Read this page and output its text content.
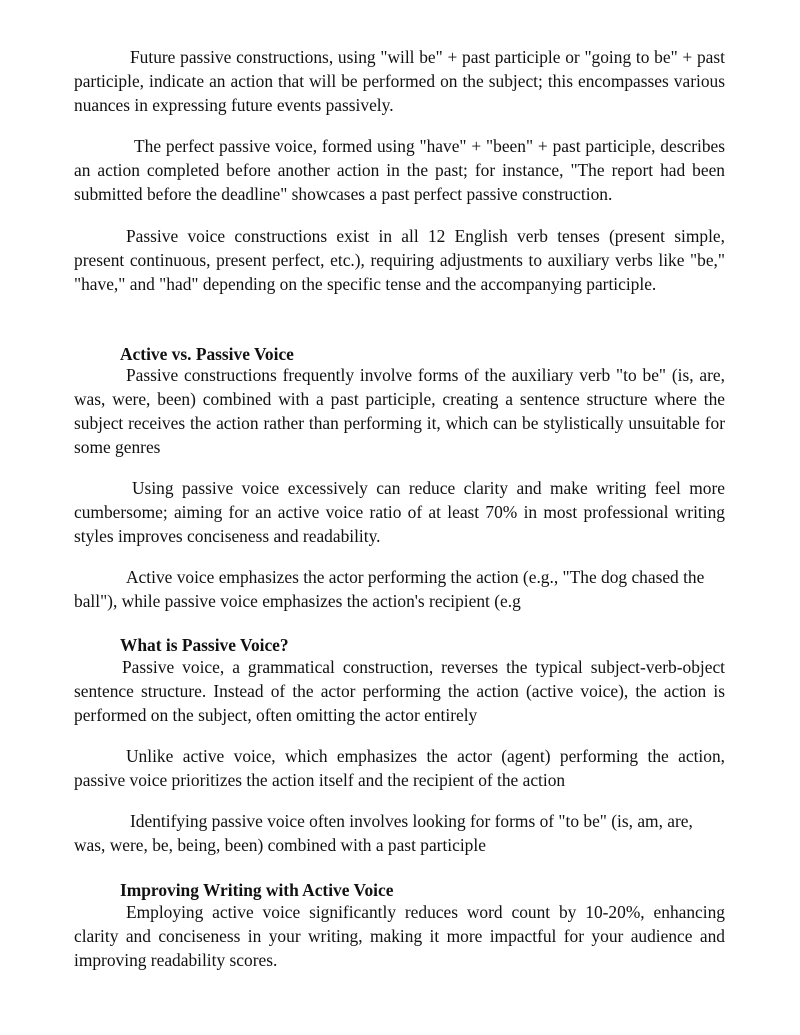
Future passive constructions, using "will be" + past participle or "going to be" + past participle, indicate an action that will be performed on the subject; this encompasses various nuances in expressing future events passively.

The perfect passive voice, formed using "have" + "been" + past participle, describes an action completed before another action in the past; for instance, "The report had been submitted before the deadline" showcases a past perfect passive construction.

Passive voice constructions exist in all 12 English verb tenses (present simple, present continuous, present perfect, etc.), requiring adjustments to auxiliary verbs like "be," "have," and "had" depending on the specific tense and the accompanying participle.

Active vs. Passive Voice

Passive constructions frequently involve forms of the auxiliary verb "to be" (is, are, was, were, been) combined with a past participle, creating a sentence structure where the subject receives the action rather than performing it, which can be stylistically unsuitable for some genres

Using passive voice excessively can reduce clarity and make writing feel more cumbersome; aiming for an active voice ratio of at least 70% in most professional writing styles improves conciseness and readability.

Active voice emphasizes the actor performing the action (e.g., "The dog chased the ball"), while passive voice emphasizes the action's recipient (e.g

What is Passive Voice?

Passive voice, a grammatical construction, reverses the typical subject-verb-object sentence structure. Instead of the actor performing the action (active voice), the action is performed on the subject, often omitting the actor entirely

Unlike active voice, which emphasizes the actor (agent) performing the action, passive voice prioritizes the action itself and the recipient of the action

Identifying passive voice often involves looking for forms of "to be" (is, am, are, was, were, be, being, been) combined with a past participle

Improving Writing with Active Voice

Employing active voice significantly reduces word count by 10-20%, enhancing clarity and conciseness in your writing, making it more impactful for your audience and improving readability scores.
